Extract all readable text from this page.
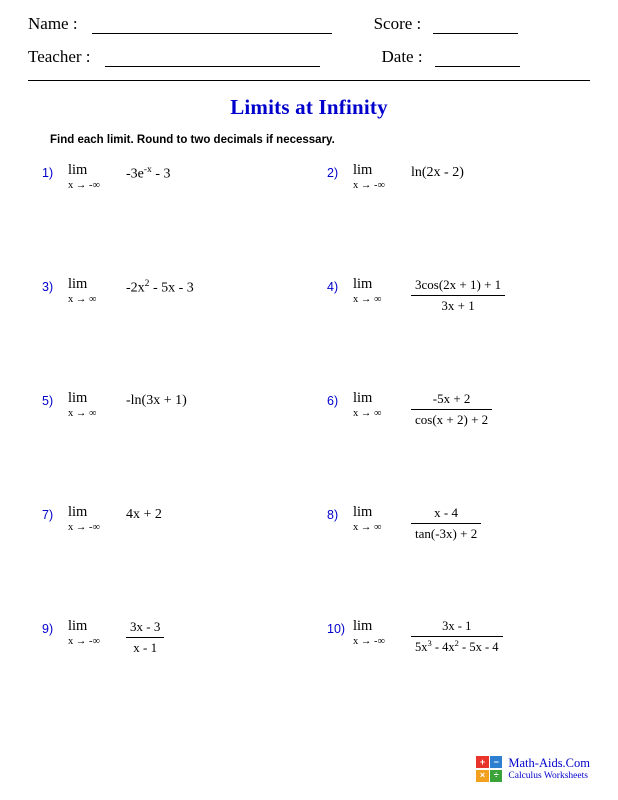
Name :	Score :
Teacher :	Date :
Limits at Infinity
Find each limit. Round to two decimals if necessary.
1)	lim
x → -∞
$-3e^{-x} - 3$	2)	lim
x → -∞
ln(2x - 2)
3)	lim
x → ∞
$-2x^2 - 5x - 3$	4)	lim
x → ∞	$\frac{3\cos(2x + 1) + 1}{3x + 1}$
5)	lim
x → ∞
-ln(3x + 1)	6)	lim
x → ∞	$\frac{-5x + 2}{\cos(x + 2) + 2}$
7)	lim
x → -∞
4x + 2	8)	lim
x → ∞	$\frac{x - 4}{\tan(-3x) + 2}$
9)	lim
x → -∞	$\frac{3x - 3}{x - 1}$	10) lim
x → -∞	$\frac{3x - 1}{5x^3 - 4x^2 - 5x - 4}$
+ −
× ÷
Math-Aids.Com
Calculus Worksheets
